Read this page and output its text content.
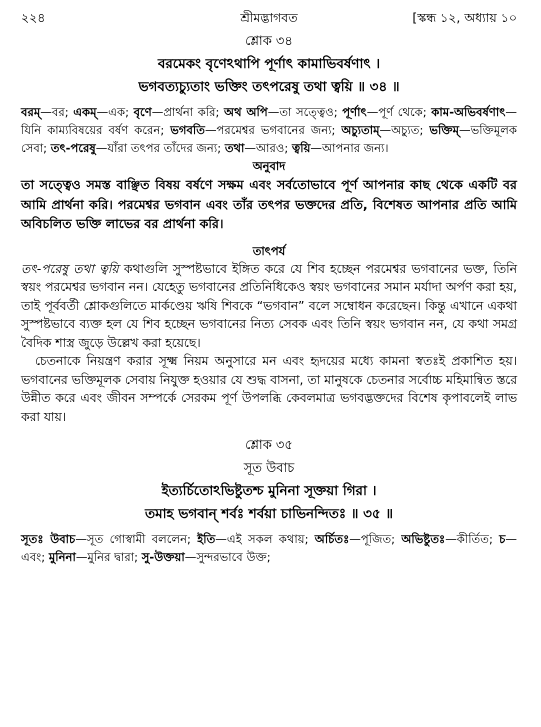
২২৪	শ্রীমদ্ভাগবত	[স্কন্ধ ১২, অধ্যায় ১০
শ্লোক ৩৪
বরমেকং বৃণেঽথাপি পূর্ণাৎ কামাভিবর্ষণাৎ ।
ভগবত্যচ্যুতাং ভক্তিং তৎপরেষু তথা ত্বয়ি ॥ ৩৪ ॥
বরম্—বর; একম্—এক; বৃণে—প্রার্থনা করি; অথ অপি—তা সত্ত্বেও; পূর্ণাৎ—পূর্ণ থেকে; কাম-অভিবর্ষণাৎ—যিনি কাম্যবিষয়ের বর্ষণ করেন; ভগবতি—পরমেশ্বর ভগবানের জন্য; অচ্যুতাম্—অচ্যুত; ভক্তিম্—ভক্তিমূলক সেবা; তৎ-পরেষু—যাঁরা তৎপর তাঁদের জন্য; তথা—আরও; ত্বয়ি—আপনার জন্য।
অনুবাদ
তা সত্ত্বেও সমস্ত বাঞ্ছিত বিষয় বর্ষণে সক্ষম এবং সর্বতোভাবে পূর্ণ আপনার কাছ থেকে একটি বর আমি প্রার্থনা করি। পরমেশ্বর ভগবান এবং তাঁর তৎপর ভক্তদের প্রতি, বিশেষত আপনার প্রতি আমি অবিচলিত ভক্তি লাভের বর প্রার্থনা করি।
তাৎপর্য

তৎ-পরেষু তথা ত্বয়ি কথাগুলি সুস্পষ্টভাবে ইঙ্গিত করে যে শিব হচ্ছেন পরমেশ্বর ভগবানের ভক্ত, তিনি স্বয়ং পরমেশ্বর ভগবান নন। যেহেতু ভগবানের প্রতিনিধিকেও স্বয়ং ভগবানের সমান মর্যাদা অর্পণ করা হয়, তাই পূর্ববর্তী শ্লোকগুলিতে মার্কণ্ডেয় ঋষি শিবকে “ভগবান” বলে সম্বোধন করেছেন। কিন্তু এখানে একথা সুস্পষ্টভাবে ব্যক্ত হল যে শিব হচ্ছেন ভগবানের নিত্য সেবক এবং তিনি স্বয়ং ভগবান নন, যে কথা সমগ্র বৈদিক শাস্ত্র জুড়ে উল্লেখ করা হয়েছে।

চেতনাকে নিয়ন্ত্রণ করার সূক্ষ্ম নিয়ম অনুসারে মন এবং হৃদয়ের মধ্যে কামনা স্বতঃই প্রকাশিত হয়। ভগবানের ভক্তিমূলক সেবায় নিযুক্ত হওয়ার যে শুদ্ধ বাসনা, তা মানুষকে চেতনার সর্বোচ্চ মহিমান্বিত স্তরে উন্নীত করে এবং জীবন সম্পর্কে সেরকম পূর্ণ উপলব্ধি কেবলমাত্র ভগবদ্ভক্তদের বিশেষ কৃপাবলেই লাভ করা যায়।

শ্লোক ৩৫
সূত উবাচ
ইত্যর্চিতোঽভিষ্টুতশ্চ মুনিনা সূক্তয়া গিরা ।
তমাহ ভগবান্ শর্বঃ শর্বয়া চাভিনন্দিতঃ ॥ ৩৫ ॥
সূতঃ উবাচ—সূত গোস্বামী বললেন; ইতি—এই সকল কথায়; অর্চিতঃ—পূজিত; অভিষ্টুতঃ—কীর্তিত; চ—এবং; মুনিনা—মুনির দ্বারা; সু-উক্তয়া—সুন্দরভাবে উক্ত;
